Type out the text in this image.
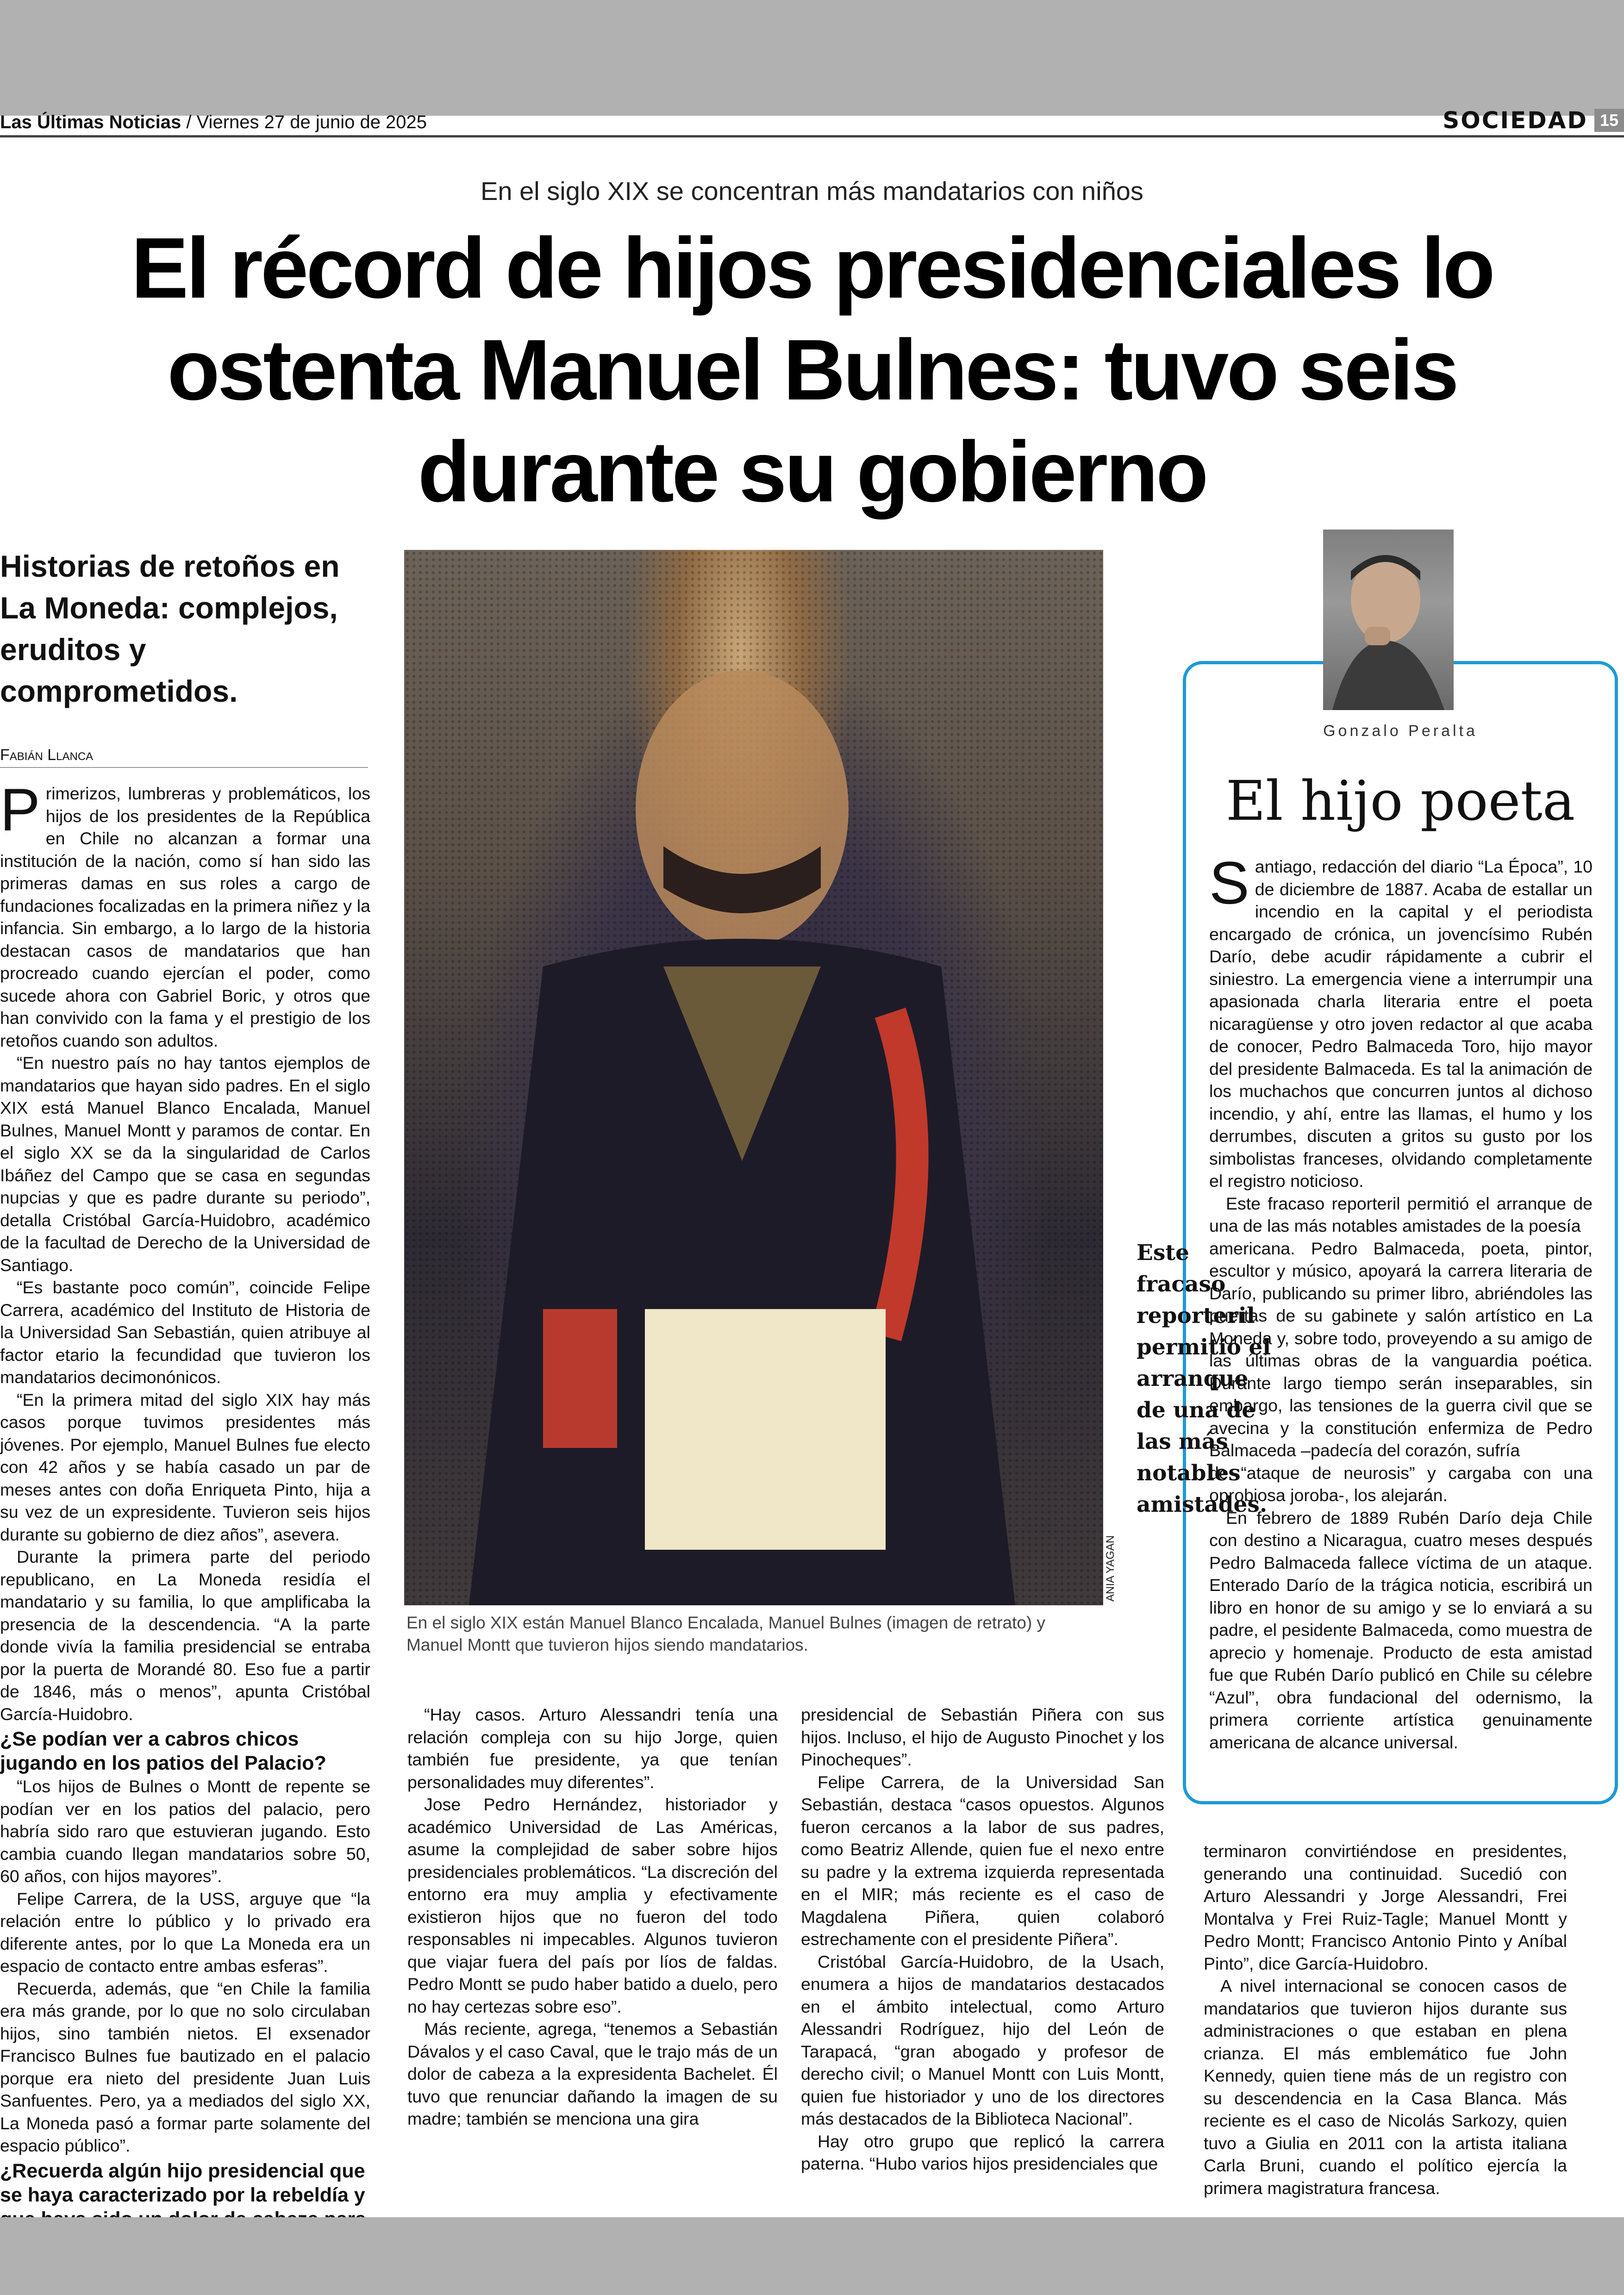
Las Últimas Noticias / Viernes 27 de junio de 2025	SOCIEDAD 15
En el siglo XIX se concentran más mandatarios con niños
El récord de hijos presidenciales lo ostenta Manuel Bulnes: tuvo seis durante su gobierno
Historias de retoños en La Moneda: complejos, eruditos y comprometidos.
Fabián Llanca

Primerizos, lumbreras y problemáticos, los hijos de los presidentes de la República en Chile no alcanzan a formar una institución de la nación, como sí han sido las primeras damas en sus roles a cargo de fundaciones focalizadas en la primera niñez y la infancia. Sin embargo, a lo largo de la historia destacan casos de mandatarios que han procreado cuando ejercían el poder, como sucede ahora con Gabriel Boric, y otros que han convivido con la fama y el prestigio de los retoños cuando son adultos.

“En nuestro país no hay tantos ejemplos de mandatarios que hayan sido padres. En el siglo XIX está Manuel Blanco Encalada, Manuel Bulnes, Manuel Montt y paramos de contar. En el siglo XX se da la singularidad de Carlos Ibáñez del Campo que se casa en segundas nupcias y que es padre durante su periodo”, detalla Cristóbal García-Huidobro, académico de la facultad de Derecho de la Universidad de Santiago.

“Es bastante poco común”, coincide Felipe Carrera, académico del Instituto de Historia de la Universidad San Sebastián, quien atribuye al factor etario la fecundidad que tuvieron los mandatarios decimonónicos.

“En la primera mitad del siglo XIX hay más casos porque tuvimos presidentes más jóvenes. Por ejemplo, Manuel Bulnes fue electo con 42 años y se había casado un par de meses antes con doña Enriqueta Pinto, hija a su vez de un expresidente. Tuvieron seis hijos durante su gobierno de diez años”, asevera.

Durante la primera parte del periodo republicano, en La Moneda residía el mandatario y su familia, lo que amplificaba la presencia de la descendencia. “A la parte donde vivía la familia presidencial se entraba por la puerta de Morandé 80. Eso fue a partir de 1846, más o menos”, apunta Cristóbal García-Huidobro.

¿Se podían ver a cabros chicos jugando en los patios del Palacio?

“Los hijos de Bulnes o Montt de repente se podían ver en los patios del palacio, pero habría sido raro que estuvieran jugando. Esto cambia cuando llegan mandatarios sobre 50, 60 años, con hijos mayores”.

Felipe Carrera, de la USS, arguye que “la relación entre lo público y lo privado era diferente antes, por lo que La Moneda era un espacio de contacto entre ambas esferas”.

Recuerda, además, que “en Chile la familia era más grande, por lo que no solo circulaban hijos, sino también nietos. El exsenador Francisco Bulnes fue bautizado en el palacio porque era nieto del presidente Juan Luis Sanfuentes. Pero, ya a mediados del siglo XX, La Moneda pasó a formar parte solamente del espacio público”.

¿Recuerda algún hijo presidencial que se haya caracterizado por la rebeldía y

ANIA YAGAN
En el siglo XIX están Manuel Blanco Encalada, Manuel Bulnes (imagen de retrato) y Manuel Montt que tuvieron hijos siendo mandatarios.

“Hay casos. Arturo Alessandri tenía una relación compleja con su hijo Jorge, quien también fue presidente, ya que tenían personalidades muy diferentes”.

Jose Pedro Hernández, historiador y académico Universidad de Las Américas, asume la complejidad de saber sobre hijos presidenciales problemáticos. “La discreción del entorno era muy amplia y efectivamente existieron hijos que no fueron del todo responsables ni impecables. Algunos tuvieron que viajar fuera del país por líos de faldas. Pedro Montt se pudo haber batido a duelo, pero no hay certezas sobre eso”.

Más reciente, agrega, “tenemos a Sebastián Dávalos y el caso Caval, que le trajo más de un dolor de cabeza a la expresidenta Bachelet. Él tuvo que renunciar dañando la imagen de su madre; también se menciona una gira

presidencial de Sebastián Piñera con sus hijos. Incluso, el hijo de Augusto Pinochet y los Pinocheques”.

Felipe Carrera, de la Universidad San Sebastián, destaca “casos opuestos. Algunos fueron cercanos a la labor de sus padres, como Beatriz Allende, quien fue el nexo entre su padre y la extrema izquierda representada en el MIR; más reciente es el caso de Magdalena Piñera, quien colaboró estrechamente con el presidente Piñera”.

Cristóbal García-Huidobro, de la Usach, enumera a hijos de mandatarios destacados en el ámbito intelectual, como Arturo Alessandri Rodríguez, hijo del León de Tarapacá, “gran abogado y profesor de derecho civil; o Manuel Montt con Luis Montt, quien fue historiador y uno de los directores más destacados de la Biblioteca Nacional”.

Hay otro grupo que replicó la carrera paterna. “Hubo varios hijos presidenciales que

terminaron convirtiéndose en presidentes, generando una continuidad. Sucedió con Arturo Alessandri y Jorge Alessandri, Frei Montalva y Frei Ruiz-Tagle; Manuel Montt y Pedro Montt; Francisco Antonio Pinto y Aníbal Pinto”, dice García-Huidobro.

A nivel internacional se conocen casos de mandatarios que tuvieron hijos durante sus administraciones o que estaban en plena crianza. El más emblemático fue John Kennedy, quien tiene más de un registro con su descendencia en la Casa Blanca. Más reciente es el caso de Nicolás Sarkozy, quien tuvo a Giulia en 2011 con la artista italiana Carla Bruni, cuando el político ejercía la primera magistratura francesa.

Gonzalo Peralta
El hijo poeta

Santiago, redacción del diario “La Época”, 10 de diciembre de 1887. Acaba de estallar un incendio en la capital y el periodista encargado de crónica, un jovencísimo Rubén Darío, debe acudir rápidamente a cubrir el siniestro. La emergencia viene a interrumpir una apasionada charla literaria entre el poeta nicaragüense y otro joven redactor al que acaba de conocer, Pedro Balmaceda Toro, hijo mayor del presidente Balmaceda. Es tal la animación de los muchachos que concurren juntos al dichoso incendio, y ahí, entre las llamas, el humo y los derrumbes, discuten a gritos su gusto por los simbolistas franceses, olvidando completamente el registro noticioso.

Este fracaso reporteril permitió el arranque de una de las más notables amistades de la poesía

americana. Pedro Balmaceda, poeta, pintor, escultor y músico, apoyará la carrera literaria de Darío, publicando su primer libro, abriéndoles las puertas de su gabinete y salón artístico en La Moneda y, sobre todo, proveyendo a su amigo de las últimas obras de la vanguardia poética. Durante largo tiempo serán inseparables, sin embargo, las tensiones de la guerra civil que se avecina y la constitución enfermiza de Pedro Balmaceda –padecía del corazón, sufría

de “ataque de neurosis” y cargaba con una oprobiosa joroba-, los alejarán.

En febrero de 1889 Rubén Darío deja Chile con destino a Nicaragua, cuatro meses después Pedro Balmaceda fallece víctima de un ataque. Enterado Darío de la trágica noticia, escribirá un libro en honor de su amigo y se lo enviará a su padre, el pesidente Balmaceda, como muestra de aprecio y homenaje. Producto de esta amistad fue que Rubén Darío publicó en Chile su célebre “Azul”, obra fundacional del odernismo, la primera corriente artística genuinamente americana de alcance universal.

Este fracaso reporteril permitió el arranque de una de las más notables amistades.
